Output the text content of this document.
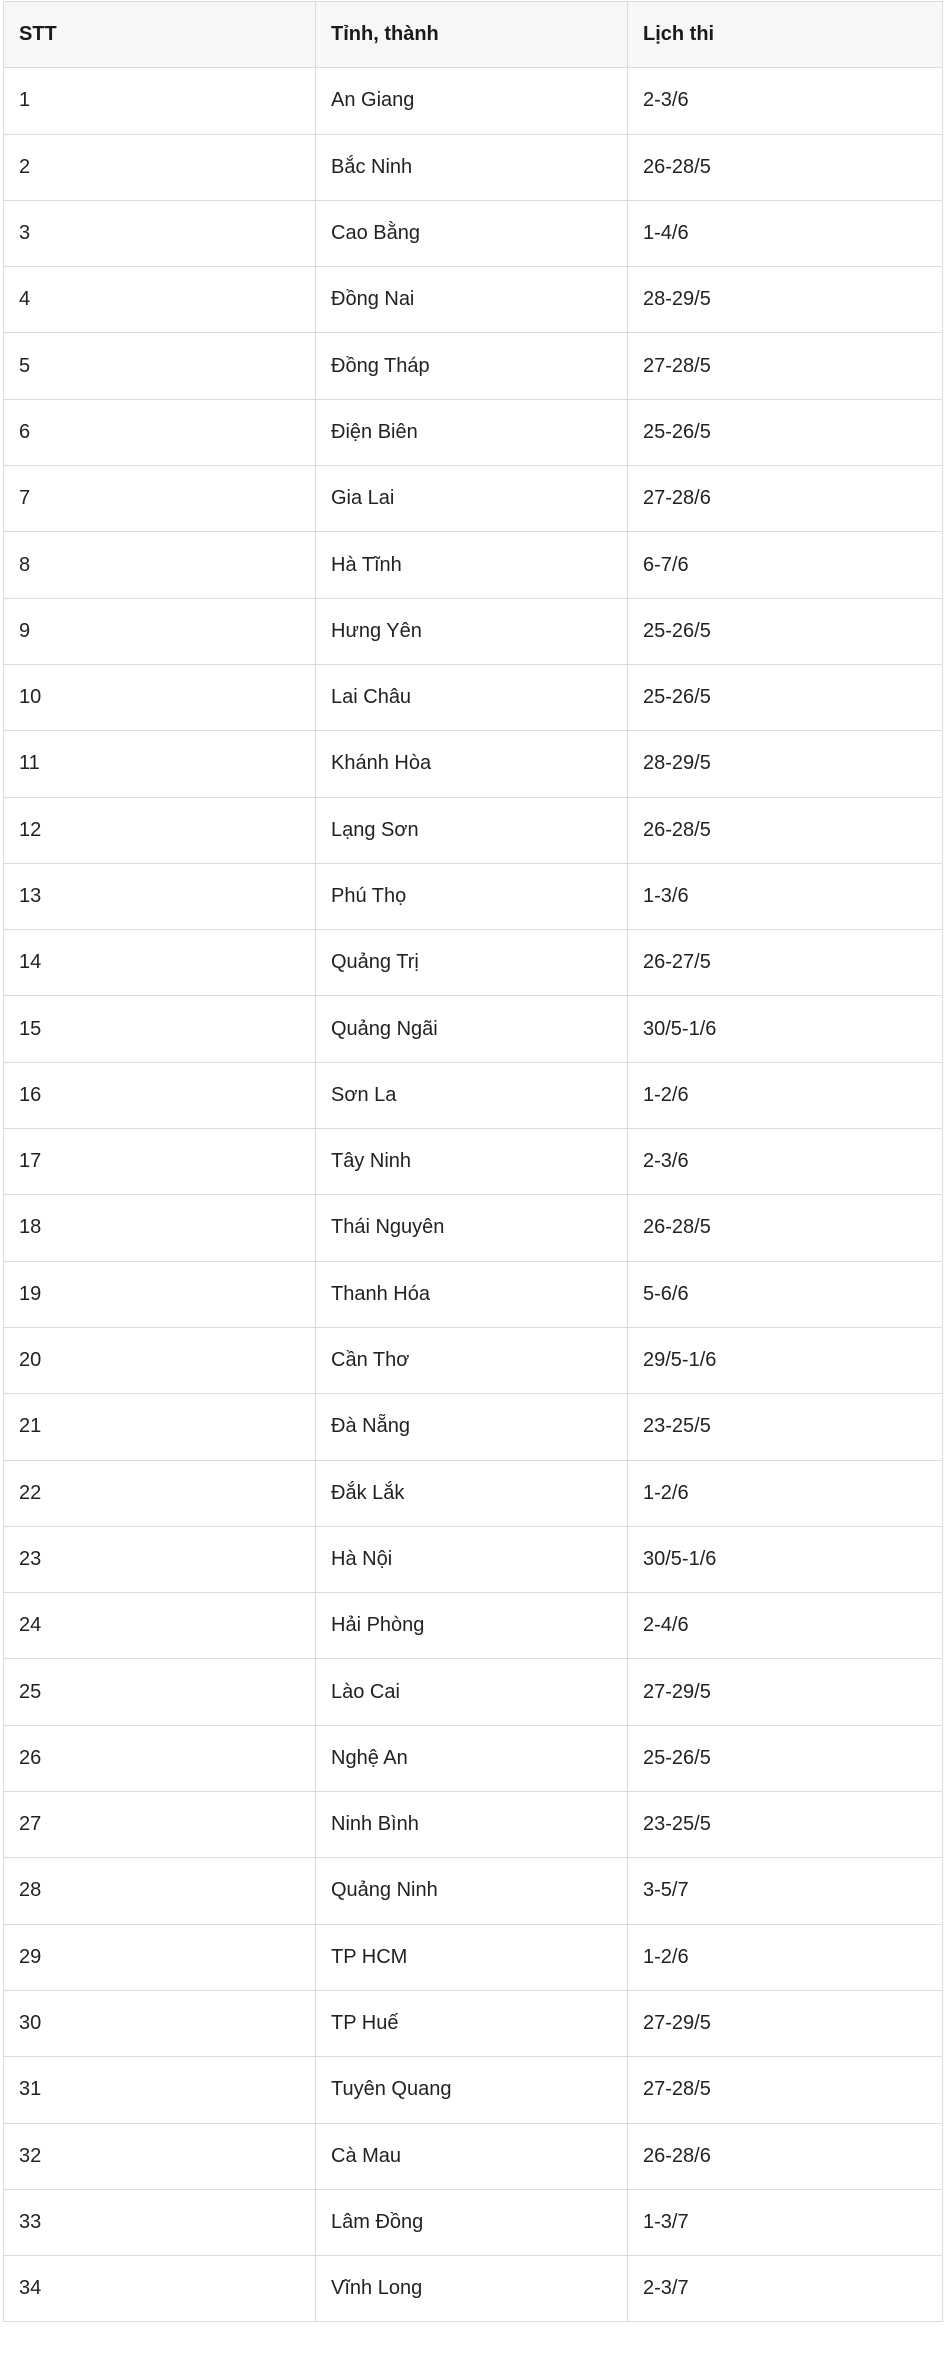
STT	Tỉnh, thành	Lịch thi
1	An Giang	2-3/6
2	Bắc Ninh	26-28/5
3	Cao Bằng	1-4/6
4	Đồng Nai	28-29/5
5	Đồng Tháp	27-28/5
6	Điện Biên	25-26/5
7	Gia Lai	27-28/6
8	Hà Tĩnh	6-7/6
9	Hưng Yên	25-26/5
10	Lai Châu	25-26/5
11	Khánh Hòa	28-29/5
12	Lạng Sơn	26-28/5
13	Phú Thọ	1-3/6
14	Quảng Trị	26-27/5
15	Quảng Ngãi	30/5-1/6
16	Sơn La	1-2/6
17	Tây Ninh	2-3/6
18	Thái Nguyên	26-28/5
19	Thanh Hóa	5-6/6
20	Cần Thơ	29/5-1/6
21	Đà Nẵng	23-25/5
22	Đắk Lắk	1-2/6
23	Hà Nội	30/5-1/6
24	Hải Phòng	2-4/6
25	Lào Cai	27-29/5
26	Nghệ An	25-26/5
27	Ninh Bình	23-25/5
28	Quảng Ninh	3-5/7
29	TP HCM	1-2/6
30	TP Huế	27-29/5
31	Tuyên Quang	27-28/5
32	Cà Mau	26-28/6
33	Lâm Đồng	1-3/7
34	Vĩnh Long	2-3/7
